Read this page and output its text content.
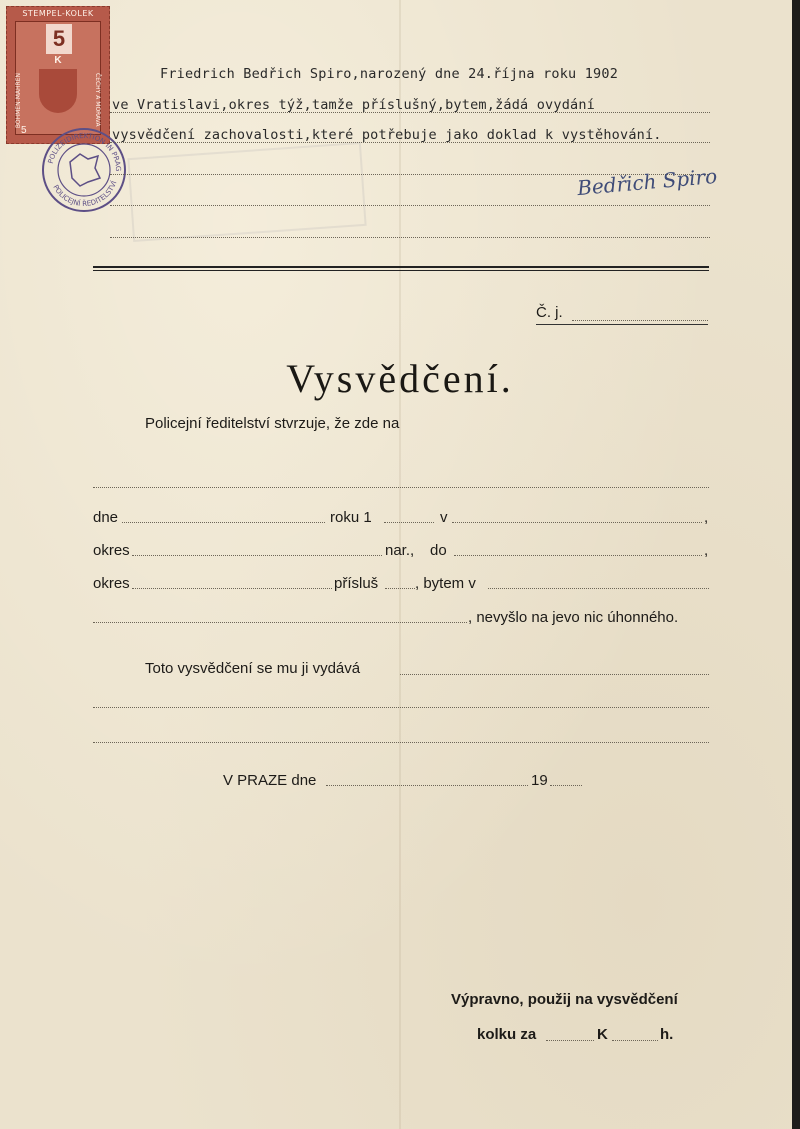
STEMPEL-KOLEK
5
K
BÖHMEN-MÄHREN	ČECHY A MORAVA
5
POLIZEIDIREKTION IN PRAG
POLICEJNÍ ŘEDITELSTVÍ
Friedrich Bedřich Spiro,narozený dne 24.října roku 1902
ve Vratislavi,okres týž,tamže příslušný,bytem,žádá ovydání
vysvědčení zachovalosti,které potřebuje jako doklad k vystěhování.
Bedřich Spiro
Č. j.
Vysvědčení.
Policejní ředitelství stvrzuje, že zde na
dne	roku 1	v	,
okres	nar., do	,
okres	přísluš , bytem v
, nevyšlo na jevo nic úhonného.
Toto vysvědčení se mu ji vydává
V PRAZE dne	19
Výpravno, použij na vysvědčení
kolku za	K	h.
